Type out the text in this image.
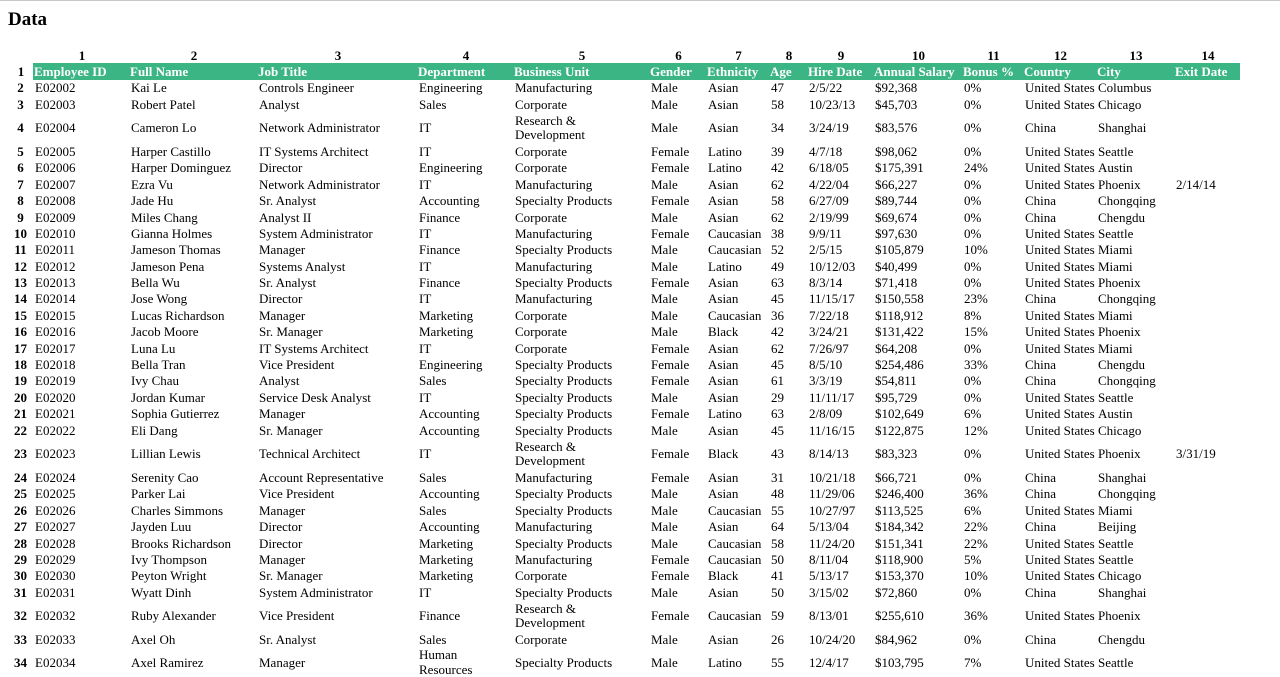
Data
	1	2	3	4	5	6	7	8	9	10	11	12	13	14
1	Employee ID	Full Name	Job Title	Department	Business Unit	Gender	Ethnicity	Age	Hire Date	Annual Salary	Bonus %	Country	City	Exit Date
2	E02002	Kai Le	Controls Engineer	Engineering	Manufacturing	Male	Asian	47	2/5/22	$92,368	0%	United States	Columbus	
3	E02003	Robert Patel	Analyst	Sales	Corporate	Male	Asian	58	10/23/13	$45,703	0%	United States	Chicago	
4	E02004	Cameron Lo	Network Administrator	IT	Research & Development	Male	Asian	34	3/24/19	$83,576	0%	China	Shanghai	
5	E02005	Harper Castillo	IT Systems Architect	IT	Corporate	Female	Latino	39	4/7/18	$98,062	0%	United States	Seattle	
6	E02006	Harper Dominguez	Director	Engineering	Corporate	Female	Latino	42	6/18/05	$175,391	24%	United States	Austin	
7	E02007	Ezra Vu	Network Administrator	IT	Manufacturing	Male	Asian	62	4/22/04	$66,227	0%	United States	Phoenix	2/14/14
8	E02008	Jade Hu	Sr. Analyst	Accounting	Specialty Products	Female	Asian	58	6/27/09	$89,744	0%	China	Chongqing	
9	E02009	Miles Chang	Analyst II	Finance	Corporate	Male	Asian	62	2/19/99	$69,674	0%	China	Chengdu	
10	E02010	Gianna Holmes	System Administrator	IT	Manufacturing	Female	Caucasian	38	9/9/11	$97,630	0%	United States	Seattle	
11	E02011	Jameson Thomas	Manager	Finance	Specialty Products	Male	Caucasian	52	2/5/15	$105,879	10%	United States	Miami	
12	E02012	Jameson Pena	Systems Analyst	IT	Manufacturing	Male	Latino	49	10/12/03	$40,499	0%	United States	Miami	
13	E02013	Bella Wu	Sr. Analyst	Finance	Specialty Products	Female	Asian	63	8/3/14	$71,418	0%	United States	Phoenix	
14	E02014	Jose Wong	Director	IT	Manufacturing	Male	Asian	45	11/15/17	$150,558	23%	China	Chongqing	
15	E02015	Lucas Richardson	Manager	Marketing	Corporate	Male	Caucasian	36	7/22/18	$118,912	8%	United States	Miami	
16	E02016	Jacob Moore	Sr. Manager	Marketing	Corporate	Male	Black	42	3/24/21	$131,422	15%	United States	Phoenix	
17	E02017	Luna Lu	IT Systems Architect	IT	Corporate	Female	Asian	62	7/26/97	$64,208	0%	United States	Miami	
18	E02018	Bella Tran	Vice President	Engineering	Specialty Products	Female	Asian	45	8/5/10	$254,486	33%	China	Chengdu	
19	E02019	Ivy Chau	Analyst	Sales	Specialty Products	Female	Asian	61	3/3/19	$54,811	0%	China	Chongqing	
20	E02020	Jordan Kumar	Service Desk Analyst	IT	Specialty Products	Male	Asian	29	11/11/17	$95,729	0%	United States	Seattle	
21	E02021	Sophia Gutierrez	Manager	Accounting	Specialty Products	Female	Latino	63	2/8/09	$102,649	6%	United States	Austin	
22	E02022	Eli Dang	Sr. Manager	Accounting	Specialty Products	Male	Asian	45	11/16/15	$122,875	12%	United States	Chicago	
23	E02023	Lillian Lewis	Technical Architect	IT	Research & Development	Female	Black	43	8/14/13	$83,323	0%	United States	Phoenix	3/31/19
24	E02024	Serenity Cao	Account Representative	Sales	Manufacturing	Female	Asian	31	10/21/18	$66,721	0%	China	Shanghai	
25	E02025	Parker Lai	Vice President	Accounting	Specialty Products	Male	Asian	48	11/29/06	$246,400	36%	China	Chongqing	
26	E02026	Charles Simmons	Manager	Sales	Specialty Products	Male	Caucasian	55	10/27/97	$113,525	6%	United States	Miami	
27	E02027	Jayden Luu	Director	Accounting	Manufacturing	Male	Asian	64	5/13/04	$184,342	22%	China	Beijing	
28	E02028	Brooks Richardson	Director	Marketing	Specialty Products	Male	Caucasian	58	11/24/20	$151,341	22%	United States	Seattle	
29	E02029	Ivy Thompson	Manager	Marketing	Manufacturing	Female	Caucasian	50	8/11/04	$118,900	5%	United States	Seattle	
30	E02030	Peyton Wright	Sr. Manager	Marketing	Corporate	Female	Black	41	5/13/17	$153,370	10%	United States	Chicago	
31	E02031	Wyatt Dinh	System Administrator	IT	Specialty Products	Male	Asian	50	3/15/02	$72,860	0%	China	Shanghai	
32	E02032	Ruby Alexander	Vice President	Finance	Research & Development	Female	Caucasian	59	8/13/01	$255,610	36%	United States	Phoenix	
33	E02033	Axel Oh	Sr. Analyst	Sales	Corporate	Male	Asian	26	10/24/20	$84,962	0%	China	Chengdu	
34	E02034	Axel Ramirez	Manager	Human Resources	Specialty Products	Male	Latino	55	12/4/17	$103,795	7%	United States	Seattle	
